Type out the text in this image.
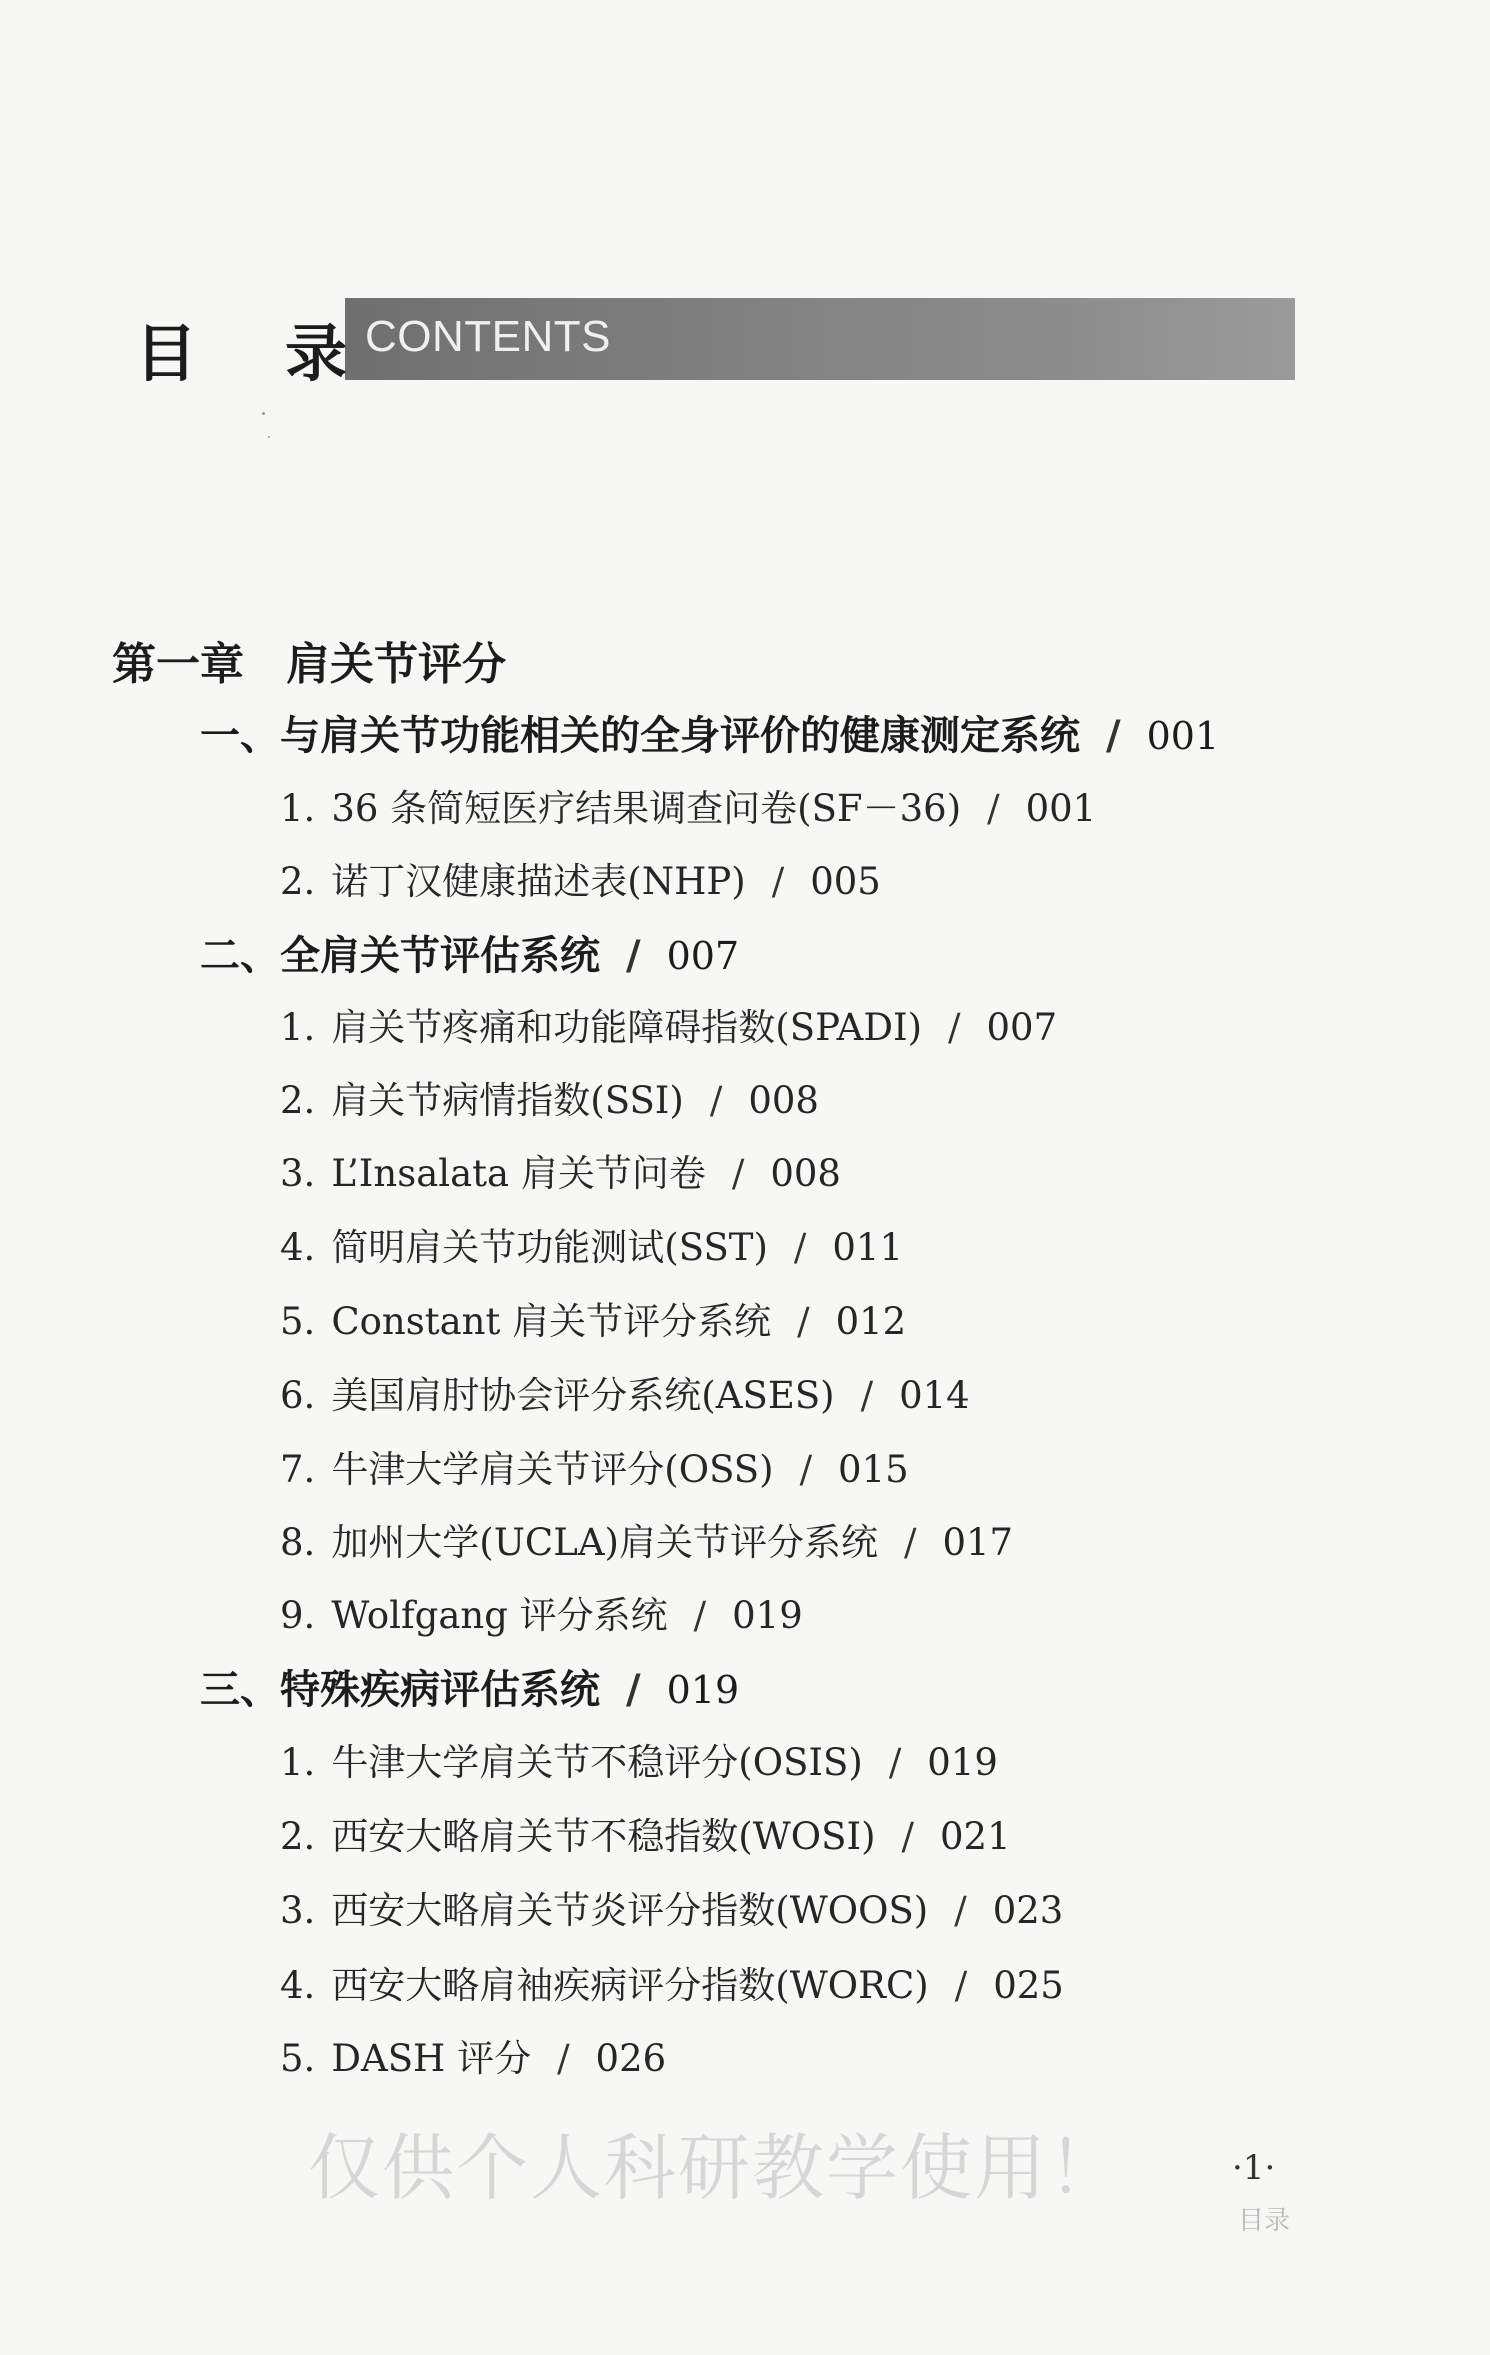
CONTENTS
目 录
第一章 肩关节评分
一、与肩关节功能相关的全身评价的健康测定系统 / 001
1. 36 条简短医疗结果调查问卷(SF－36) / 001
2. 诺丁汉健康描述表(NHP) / 005
二、全肩关节评估系统 / 007
1. 肩关节疼痛和功能障碍指数(SPADI) / 007
2. 肩关节病情指数(SSI) / 008
3. L’Insalata 肩关节问卷 / 008
4. 简明肩关节功能测试(SST) / 011
5. Constant 肩关节评分系统 / 012
6. 美国肩肘协会评分系统(ASES) / 014
7. 牛津大学肩关节评分(OSS) / 015
8. 加州大学(UCLA)肩关节评分系统 / 017
9. Wolfgang 评分系统 / 019
三、特殊疾病评估系统 / 019
1. 牛津大学肩关节不稳评分(OSIS) / 019
2. 西安大略肩关节不稳指数(WOSI) / 021
3. 西安大略肩关节炎评分指数(WOOS) / 023
4. 西安大略肩袖疾病评分指数(WORC) / 025
5. DASH 评分 / 026
仅供个人科研教学使用！	·1·
目录
